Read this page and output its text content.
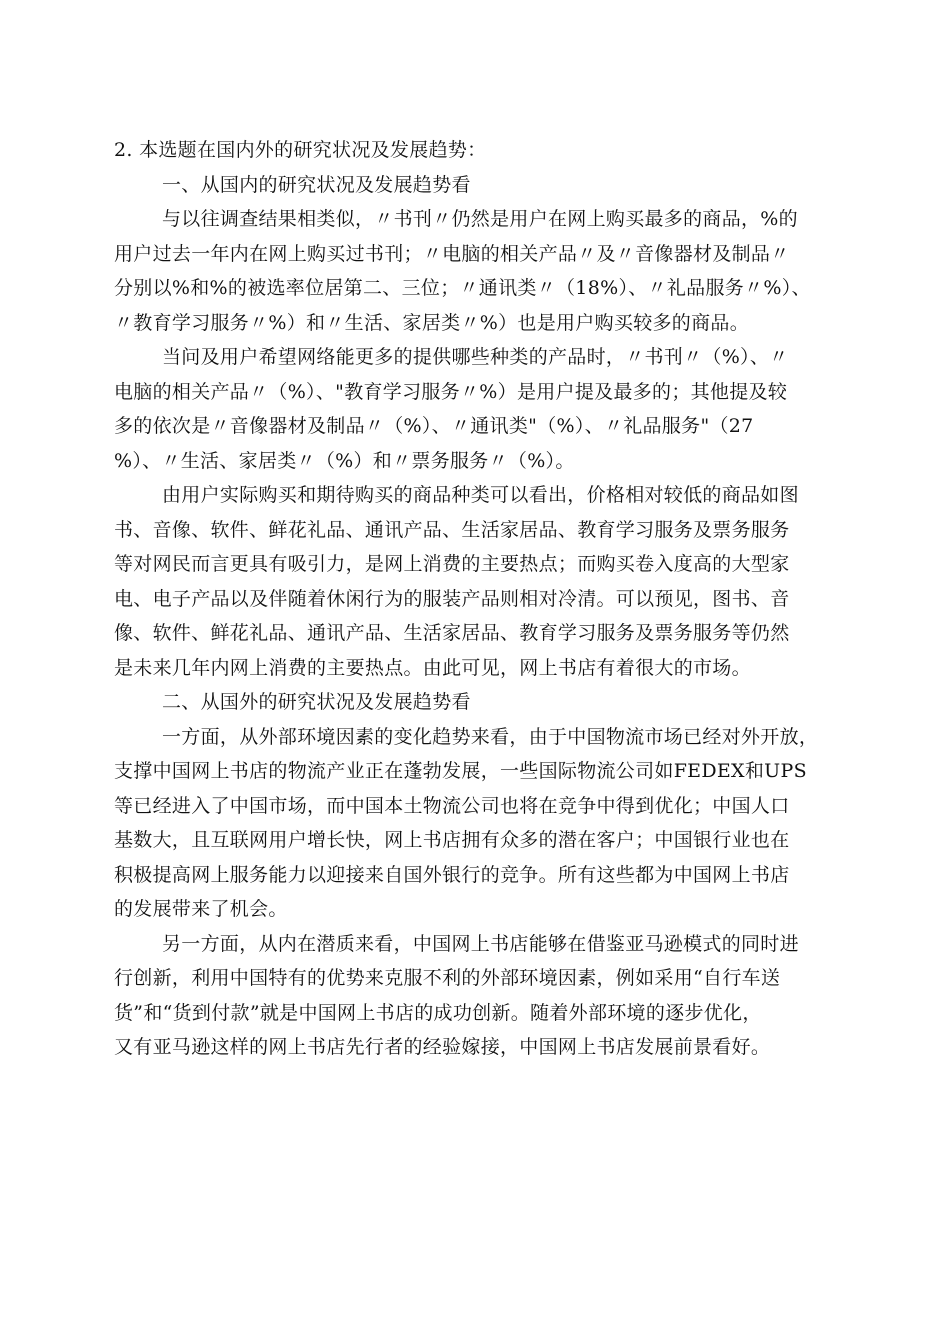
2. 本选题在国内外的研究状况及发展趋势：

一、从国内的研究状况及发展趋势看

与以往调查结果相类似，〃书刊〃仍然是用户在网上购买最多的商品，%的
用户过去一年内在网上购买过书刊；〃电脑的相关产品〃及〃音像器材及制品〃
分别以%和%的被选率位居第二、三位；〃通讯类〃（18%）、〃礼品服务〃%）、
〃教育学习服务〃%）和〃生活、家居类〃%）也是用户购买较多的商品。
当问及用户希望网络能更多的提供哪些种类的产品时，〃书刊〃（%）、〃
电脑的相关产品〃（%）、"教育学习服务〃%）是用户提及最多的；其他提及较
多的依次是〃音像器材及制品〃（%）、〃通讯类"（%）、〃礼品服务"（27
%）、〃生活、家居类〃（%）和〃票务服务〃（%）。
由用户实际购买和期待购买的商品种类可以看出，价格相对较低的商品如图
书、音像、软件、鲜花礼品、通讯产品、生活家居品、教育学习服务及票务服务
等对网民而言更具有吸引力，是网上消费的主要热点；而购买卷入度高的大型家
电、电子产品以及伴随着休闲行为的服装产品则相对冷清。可以预见，图书、音
像、软件、鲜花礼品、通讯产品、生活家居品、教育学习服务及票务服务等仍然
是未来几年内网上消费的主要热点。由此可见，网上书店有着很大的市场。

二、从国外的研究状况及发展趋势看

一方面，从外部环境因素的变化趋势来看，由于中国物流市场已经对外开放，
支撑中国网上书店的物流产业正在蓬勃发展，一些国际物流公司如FEDEX和UPS
等已经进入了中国市场，而中国本土物流公司也将在竞争中得到优化；中国人口
基数大，且互联网用户增长快，网上书店拥有众多的潜在客户；中国银行业也在
积极提高网上服务能力以迎接来自国外银行的竞争。所有这些都为中国网上书店
的发展带来了机会。
另一方面，从内在潜质来看，中国网上书店能够在借鉴亚马逊模式的同时进
行创新，利用中国特有的优势来克服不利的外部环境因素，例如采用“自行车送
货”和“货到付款”就是中国网上书店的成功创新。随着外部环境的逐步优化，
又有亚马逊这样的网上书店先行者的经验嫁接，中国网上书店发展前景看好。
